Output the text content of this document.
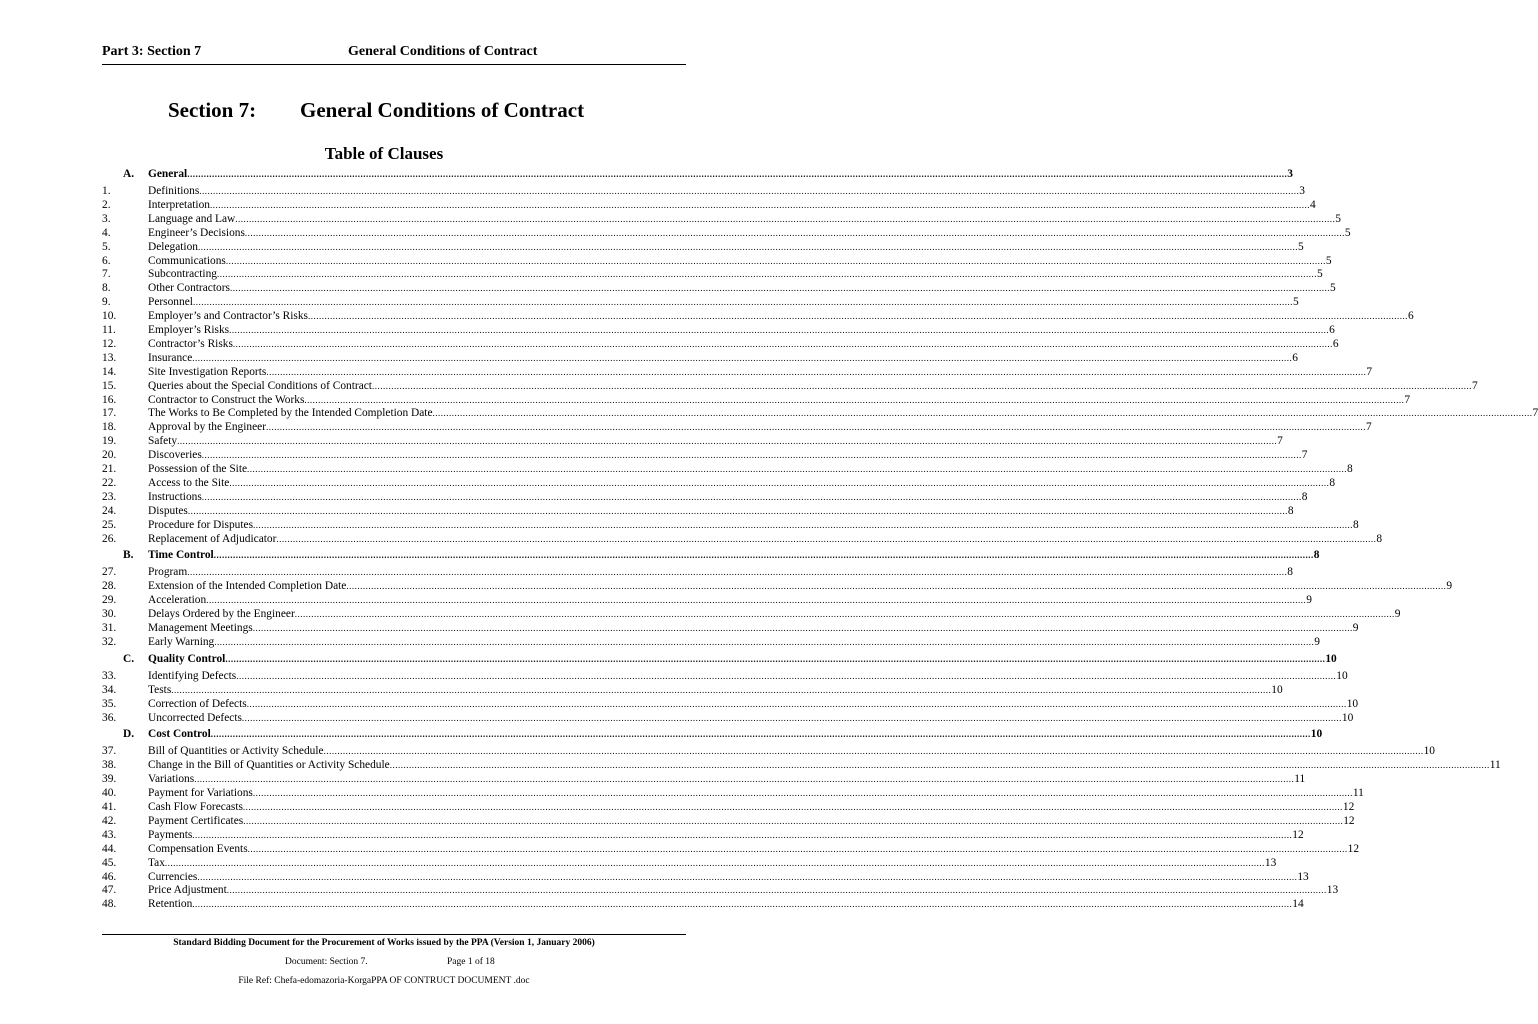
Part 3: Section 7	General Conditions of Contract
Section 7: General Conditions of Contract
Table of Clauses
A. General ................................................................................................................................................................................................................................................................................................................................................................................................................ 3
1.	Definitions ................................................................................................................................................................................................................................................................................................................................................................................................................ 3
2.	Interpretation ................................................................................................................................................................................................................................................................................................................................................................................................................ 4
3.	Language and Law ................................................................................................................................................................................................................................................................................................................................................................................................................ 5
4.	Engineer’s Decisions ................................................................................................................................................................................................................................................................................................................................................................................................................ 5
5.	Delegation ................................................................................................................................................................................................................................................................................................................................................................................................................ 5
6.	Communications ................................................................................................................................................................................................................................................................................................................................................................................................................ 5
7.	Subcontracting ................................................................................................................................................................................................................................................................................................................................................................................................................ 5
8.	Other Contractors ................................................................................................................................................................................................................................................................................................................................................................................................................ 5
9.	Personnel ................................................................................................................................................................................................................................................................................................................................................................................................................ 5
10.	Employer’s and Contractor’s Risks ................................................................................................................................................................................................................................................................................................................................................................................................................ 6
11.	Employer’s Risks ................................................................................................................................................................................................................................................................................................................................................................................................................ 6
12.	Contractor’s Risks ................................................................................................................................................................................................................................................................................................................................................................................................................ 6
13.	Insurance ................................................................................................................................................................................................................................................................................................................................................................................................................ 6
14.	Site Investigation Reports ................................................................................................................................................................................................................................................................................................................................................................................................................ 7
15.	Queries about the Special Conditions of Contract ................................................................................................................................................................................................................................................................................................................................................................................................................ 7
16.	Contractor to Construct the Works ................................................................................................................................................................................................................................................................................................................................................................................................................ 7
17.	The Works to Be Completed by the Intended Completion Date ................................................................................................................................................................................................................................................................................................................................................................................................................ 7
18.	Approval by the Engineer ................................................................................................................................................................................................................................................................................................................................................................................................................ 7
19.	Safety ................................................................................................................................................................................................................................................................................................................................................................................................................ 7
20.	Discoveries ................................................................................................................................................................................................................................................................................................................................................................................................................ 7
21.	Possession of the Site ................................................................................................................................................................................................................................................................................................................................................................................................................ 8
22.	Access to the Site ................................................................................................................................................................................................................................................................................................................................................................................................................ 8
23.	Instructions ................................................................................................................................................................................................................................................................................................................................................................................................................ 8
24.	Disputes ................................................................................................................................................................................................................................................................................................................................................................................................................ 8
25.	Procedure for Disputes ................................................................................................................................................................................................................................................................................................................................................................................................................ 8
26.	Replacement of Adjudicator ................................................................................................................................................................................................................................................................................................................................................................................................................ 8
B. Time Control ................................................................................................................................................................................................................................................................................................................................................................................................................ 8
27.	Program ................................................................................................................................................................................................................................................................................................................................................................................................................ 8
28.	Extension of the Intended Completion Date ................................................................................................................................................................................................................................................................................................................................................................................................................ 9
29.	Acceleration ................................................................................................................................................................................................................................................................................................................................................................................................................ 9
30.	Delays Ordered by the Engineer ................................................................................................................................................................................................................................................................................................................................................................................................................ 9
31.	Management Meetings ................................................................................................................................................................................................................................................................................................................................................................................................................ 9
32.	Early Warning ................................................................................................................................................................................................................................................................................................................................................................................................................ 9
C. Quality Control ................................................................................................................................................................................................................................................................................................................................................................................................................ 10
33.	Identifying Defects ................................................................................................................................................................................................................................................................................................................................................................................................................ 10
34.	Tests ................................................................................................................................................................................................................................................................................................................................................................................................................ 10
35.	Correction of Defects ................................................................................................................................................................................................................................................................................................................................................................................................................ 10
36.	Uncorrected Defects ................................................................................................................................................................................................................................................................................................................................................................................................................ 10
D. Cost Control ................................................................................................................................................................................................................................................................................................................................................................................................................ 10
37.	Bill of Quantities or Activity Schedule ................................................................................................................................................................................................................................................................................................................................................................................................................ 10
38.	Change in the Bill of Quantities or Activity Schedule ................................................................................................................................................................................................................................................................................................................................................................................................................ 11
39.	Variations ................................................................................................................................................................................................................................................................................................................................................................................................................ 11
40.	Payment for Variations ................................................................................................................................................................................................................................................................................................................................................................................................................ 11
41.	Cash Flow Forecasts ................................................................................................................................................................................................................................................................................................................................................................................................................ 12
42.	Payment Certificates ................................................................................................................................................................................................................................................................................................................................................................................................................ 12
43.	Payments ................................................................................................................................................................................................................................................................................................................................................................................................................ 12
44.	Compensation Events ................................................................................................................................................................................................................................................................................................................................................................................................................ 12
45.	Tax ................................................................................................................................................................................................................................................................................................................................................................................................................ 13
46.	Currencies ................................................................................................................................................................................................................................................................................................................................................................................................................ 13
47.	Price Adjustment ................................................................................................................................................................................................................................................................................................................................................................................................................ 13
48.	Retention ................................................................................................................................................................................................................................................................................................................................................................................................................ 14
Standard Bidding Document for the Procurement of Works issued by the PPA (Version 1, January 2006)
Document: Section 7.	Page 1 of 18
File Ref: Chefa-edomazoria-KorgaPPA OF CONTRUCT DOCUMENT .doc
